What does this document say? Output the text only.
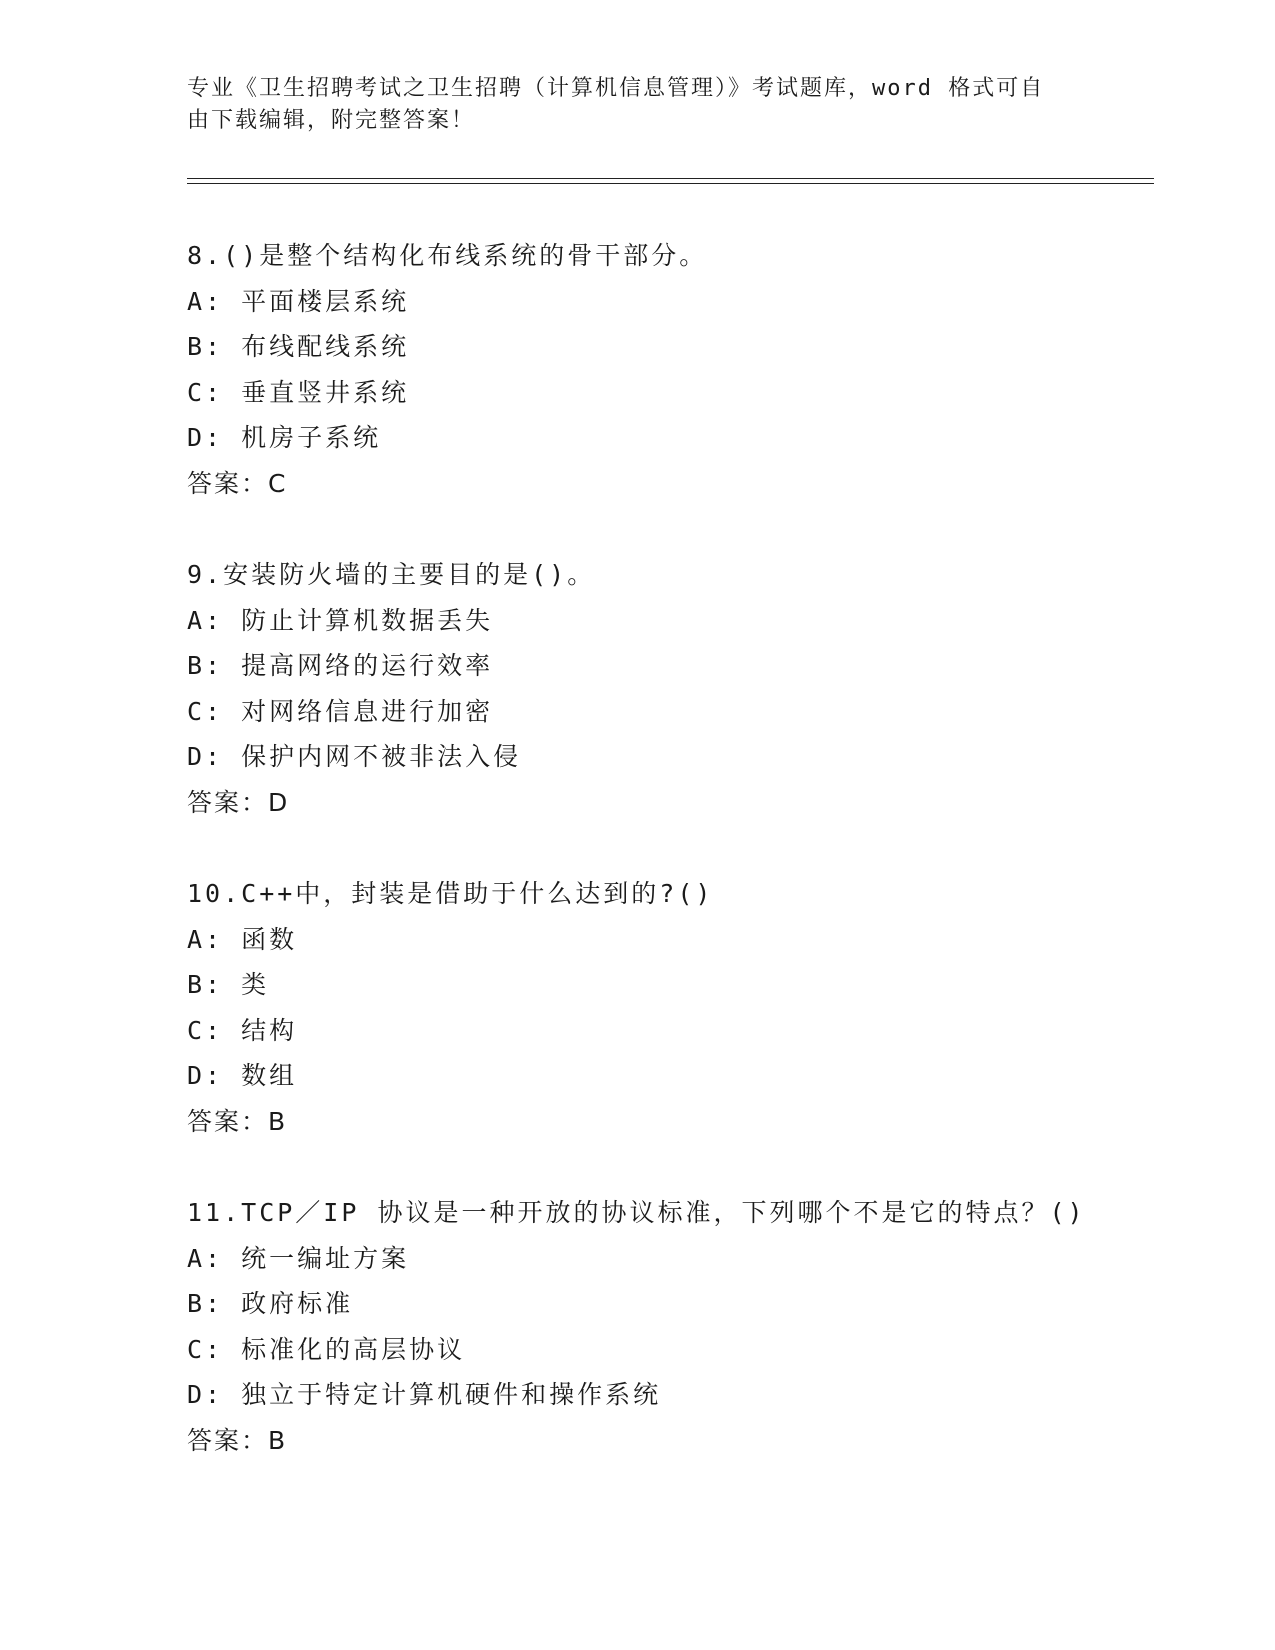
专业《卫生招聘考试之卫生招聘（计算机信息管理）》考试题库，word 格式可自
由下载编辑，附完整答案！
8.()是整个结构化布线系统的骨干部分。
A: 平面楼层系统
B: 布线配线系统
C: 垂直竖井系统
D: 机房子系统
答案：C
9.安装防火墙的主要目的是()。
A: 防止计算机数据丢失
B: 提高网络的运行效率
C: 对网络信息进行加密
D: 保护内网不被非法入侵
答案：D
10.C++中，封装是借助于什么达到的?()
A: 函数
B: 类
C: 结构
D: 数组
答案：B
11.TCP／IP 协议是一种开放的协议标准，下列哪个不是它的特点？()
A: 统一编址方案
B: 政府标准
C: 标准化的高层协议
D: 独立于特定计算机硬件和操作系统
答案：B
